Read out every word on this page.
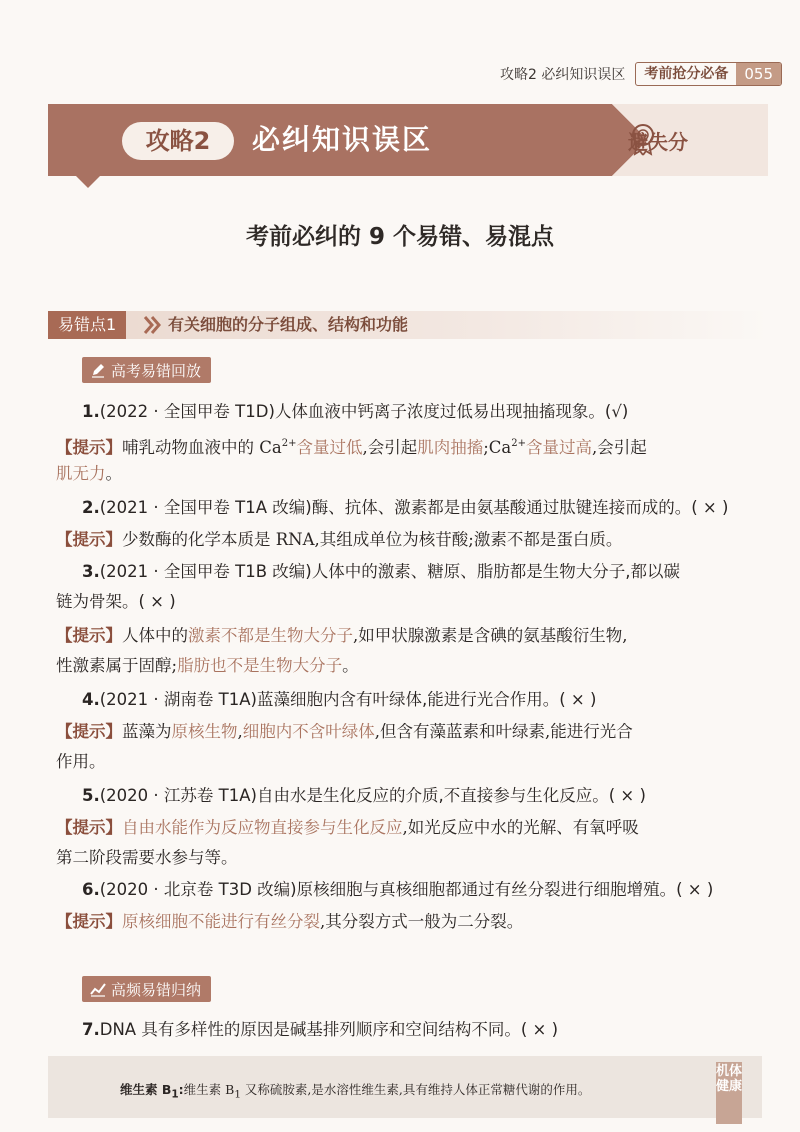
攻略2 必纠知识误区	考前抢分必备	055
攻略2	必纠知识误区	避失分
考前必纠的 9 个易错、易混点
易错点1	有关细胞的分子组成、结构和功能
高考易错回放
1.(2022 · 全国甲卷 T1D)人体血液中钙离子浓度过低易出现抽搐现象。(√)
【提示】哺乳动物血液中的 $Ca^{2+}$含量过低,会引起肌肉抽搐$;Ca^{2+}$含量过高,会引起
肌无力。
2.(2021 · 全国甲卷 T1A 改编)酶、抗体、激素都是由氨基酸通过肽键连接而成的。( × )
【提示】少数酶的化学本质是 RNA,其组成单位为核苷酸;激素不都是蛋白质。
3.(2021 · 全国甲卷 T1B 改编)人体中的激素、糖原、脂肪都是生物大分子,都以碳
链为骨架。( × )
【提示】人体中的激素不都是生物大分子,如甲状腺激素是含碘的氨基酸衍生物,
性激素属于固醇;脂肪也不是生物大分子。
4.(2021 · 湖南卷 T1A)蓝藻细胞内含有叶绿体,能进行光合作用。( × )
【提示】蓝藻为原核生物,细胞内不含叶绿体,但含有藻蓝素和叶绿素,能进行光合
作用。
5.(2020 · 江苏卷 T1A)自由水是生化反应的介质,不直接参与生化反应。( × )
【提示】自由水能作为反应物直接参与生化反应,如光反应中水的光解、有氧呼吸
第二阶段需要水参与等。
6.(2020 · 北京卷 T3D 改编)原核细胞与真核细胞都通过有丝分裂进行细胞增殖。( × )
【提示】原核细胞不能进行有丝分裂,其分裂方式一般为二分裂。
高频易错归纳
7.DNA 具有多样性的原因是碱基排列顺序和空间结构不同。( × )
维生素 $B_1$:维生素 $B_1$ 又称硫胺素,是水溶性维生素,具有维持人体正常糖代谢的作用。
机体健康
